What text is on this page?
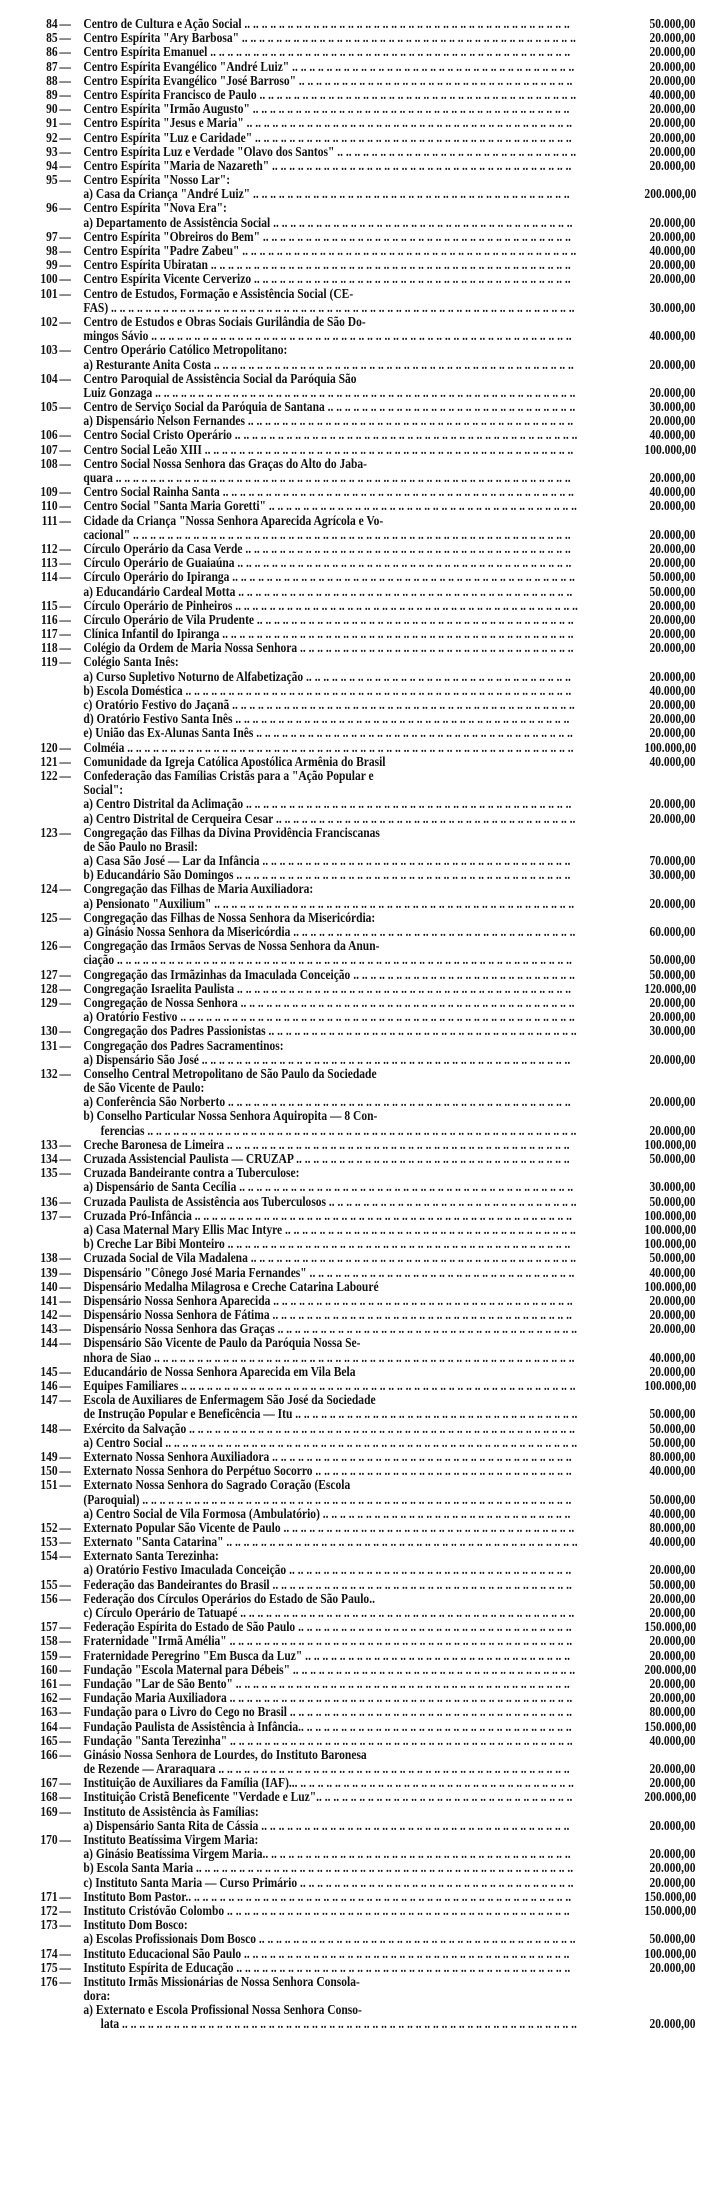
84 — Centro de Cultura e Ação Social .. .. .. .. .. .. .. .. .. .. .. .. .. .. .. .. .. .. .. .. .. .. .. .. .. .. .. .. .. .. .. .. .. .. .. .. .. ..	50.000,00
85 — Centro Espírita "Ary Barbosa" .. .. .. .. .. .. .. .. .. .. .. .. .. .. .. .. .. .. .. .. .. .. .. .. .. .. .. .. .. .. .. .. .. .. .. .. .. .. ..	20.000,00
86 — Centro Espírita Emanuel .. .. .. .. .. .. .. .. .. .. .. .. .. .. .. .. .. .. .. .. .. .. .. .. .. .. .. .. .. .. .. .. .. .. .. .. .. .. .. .. .. ..	20.000,00
87 — Centro Espírita Evangélico "André Luiz" .. .. .. .. .. .. .. .. .. .. .. .. .. .. .. .. .. .. .. .. .. .. .. .. .. .. .. .. .. .. .. .. ..	20.000,00
88 — Centro Espírita Evangélico "José Barroso" .. .. .. .. .. .. .. .. .. .. .. .. .. .. .. .. .. .. .. .. .. .. .. .. .. .. .. .. .. .. .. ..	20.000,00
89 — Centro Espírita Francisco de Paulo .. .. .. .. .. .. .. .. .. .. .. .. .. .. .. .. .. .. .. .. .. .. .. .. .. .. .. .. .. .. .. .. .. .. .. .. ..	40.000,00
90 — Centro Espírita "Irmão Augusto" .. .. .. .. .. .. .. .. .. .. .. .. .. .. .. .. .. .. .. .. .. .. .. .. .. .. .. .. .. .. .. .. .. .. .. .. ..	20.000,00
91 — Centro Espírita "Jesus e Maria" .. .. .. .. .. .. .. .. .. .. .. .. .. .. .. .. .. .. .. .. .. .. .. .. .. .. .. .. .. .. .. .. .. .. .. .. .. ..	20.000,00
92 — Centro Espírita "Luz e Caridade" .. .. .. .. .. .. .. .. .. .. .. .. .. .. .. .. .. .. .. .. .. .. .. .. .. .. .. .. .. .. .. .. .. .. .. .. ..	20.000,00
93 — Centro Espírita Luz e Verdade "Olavo dos Santos" .. .. .. .. .. .. .. .. .. .. .. .. .. .. .. .. .. .. .. .. .. .. .. .. .. .. .. ..	20.000,00
94 — Centro Espírita "Maria de Nazareth" .. .. .. .. .. .. .. .. .. .. .. .. .. .. .. .. .. .. .. .. .. .. .. .. .. .. .. .. .. .. .. .. .. .. ..	20.000,00
95 — Centro Espírita "Nosso Lar":
a) Casa da Criança "André Luiz" .. .. .. .. .. .. .. .. .. .. .. .. .. .. .. .. .. .. .. .. .. .. .. .. .. .. .. .. .. .. .. .. .. .. .. .. ..	200.000,00
96 — Centro Espírita "Nova Era":
a) Departamento de Assistência Social .. .. .. .. .. .. .. .. .. .. .. .. .. .. .. .. .. .. .. .. .. .. .. .. .. .. .. .. .. .. .. .. .. .. ..	20.000,00
97 — Centro Espírita "Obreiros do Bem" .. .. .. .. .. .. .. .. .. .. .. .. .. .. .. .. .. .. .. .. .. .. .. .. .. .. .. .. .. .. .. .. .. .. .. ..	20.000,00
98 — Centro Espírita "Padre Zabeu" .. .. .. .. .. .. .. .. .. .. .. .. .. .. .. .. .. .. .. .. .. .. .. .. .. .. .. .. .. .. .. .. .. .. .. .. .. .. ..	40.000,00
99 — Centro Espírita Ubiratan .. .. .. .. .. .. .. .. .. .. .. .. .. .. .. .. .. .. .. .. .. .. .. .. .. .. .. .. .. .. .. .. .. .. .. .. .. .. .. .. .. ..	20.000,00
100 — Centro Espírita Vicente Cerverizo .. .. .. .. .. .. .. .. .. .. .. .. .. .. .. .. .. .. .. .. .. .. .. .. .. .. .. .. .. .. .. .. .. .. .. .. ..	20.000,00
101 — Centro de Estudos, Formação e Assistência Social (CE-
FAS) .. .. .. .. .. .. .. .. .. .. .. .. .. .. .. .. .. .. .. .. .. .. .. .. .. .. .. .. .. .. .. .. .. .. .. .. .. .. .. .. .. .. .. .. .. .. .. .. .. .. .. .. .. ..	30.000,00
102 — Centro de Estudos e Obras Sociais Gurilândia de São Do-
mingos Sávio .. .. .. .. .. .. .. .. .. .. .. .. .. .. .. .. .. .. .. .. .. .. .. .. .. .. .. .. .. .. .. .. .. .. .. .. .. .. .. .. .. .. .. .. .. .. .. .. ..	40.000,00
103 — Centro Operário Católico Metropolitano:
a) Resturante Anita Costa .. .. .. .. .. .. .. .. .. .. .. .. .. .. .. .. .. .. .. .. .. .. .. .. .. .. .. .. .. .. .. .. .. .. .. .. .. .. .. .. .. ..	20.000,00
104 — Centro Paroquial de Assistência Social da Paróquia São
Luiz Gonzaga .. .. .. .. .. .. .. .. .. .. .. .. .. .. .. .. .. .. .. .. .. .. .. .. .. .. .. .. .. .. .. .. .. .. .. .. .. .. .. .. .. .. .. .. .. .. .. .. ..	20.000,00
105 — Centro de Serviço Social da Paróquia de Santana .. .. .. .. .. .. .. .. .. .. .. .. .. .. .. .. .. .. .. .. .. .. .. .. .. .. .. .. ..	30.000,00
a) Dispensário Nelson Fernandes .. .. .. .. .. .. .. .. .. .. .. .. .. .. .. .. .. .. .. .. .. .. .. .. .. .. .. .. .. .. .. .. .. .. .. .. .. ..	20.000,00
106 — Centro Social Cristo Operário .. .. .. .. .. .. .. .. .. .. .. .. .. .. .. .. .. .. .. .. .. .. .. .. .. .. .. .. .. .. .. .. .. .. .. .. .. .. .. ..	40.000,00
107 — Centro Social Leão XIII .. .. .. .. .. .. .. .. .. .. .. .. .. .. .. .. .. .. .. .. .. .. .. .. .. .. .. .. .. .. .. .. .. .. .. .. .. .. .. .. .. .. ..	100.000,00
108 — Centro Social Nossa Senhora das Graças do Alto do Jaba-
quara .. .. .. .. .. .. .. .. .. .. .. .. .. .. .. .. .. .. .. .. .. .. .. .. .. .. .. .. .. .. .. .. .. .. .. .. .. .. .. .. .. .. .. .. .. .. .. .. .. .. .. .. ..	20.000,00
109 — Centro Social Rainha Santa .. .. .. .. .. .. .. .. .. .. .. .. .. .. .. .. .. .. .. .. .. .. .. .. .. .. .. .. .. .. .. .. .. .. .. .. .. .. .. .. ..	40.000,00
110 — Centro Social "Santa Maria Goretti" .. .. .. .. .. .. .. .. .. .. .. .. .. .. .. .. .. .. .. .. .. .. .. .. .. .. .. .. .. .. .. .. .. .. .. ..	20.000,00
111 — Cidade da Criança "Nossa Senhora Aparecida Agrícola e Vo-
cacional" .. .. .. .. .. .. .. .. .. .. .. .. .. .. .. .. .. .. .. .. .. .. .. .. .. .. .. .. .. .. .. .. .. .. .. .. .. .. .. .. .. .. .. .. .. .. .. .. .. .. ..	20.000,00
112 — Círculo Operário da Casa Verde .. .. .. .. .. .. .. .. .. .. .. .. .. .. .. .. .. .. .. .. .. .. .. .. .. .. .. .. .. .. .. .. .. .. .. .. .. ..	20.000,00
113 — Círculo Operário de Guaiaúna .. .. .. .. .. .. .. .. .. .. .. .. .. .. .. .. .. .. .. .. .. .. .. .. .. .. .. .. .. .. .. .. .. .. .. .. .. .. ..	20.000,00
114 — Círculo Operário do Ipiranga .. .. .. .. .. .. .. .. .. .. .. .. .. .. .. .. .. .. .. .. .. .. .. .. .. .. .. .. .. .. .. .. .. .. .. .. .. .. .. ..	50.000,00
a) Educandário Cardeal Motta .. .. .. .. .. .. .. .. .. .. .. .. .. .. .. .. .. .. .. .. .. .. .. .. .. .. .. .. .. .. .. .. .. .. .. .. .. .. ..	50.000,00
115 — Círculo Operário de Pinheiros .. .. .. .. .. .. .. .. .. .. .. .. .. .. .. .. .. .. .. .. .. .. .. .. .. .. .. .. .. .. .. .. .. .. .. .. .. .. .. ..	20.000,00
116 — Círculo Operário de Vila Prudente .. .. .. .. .. .. .. .. .. .. .. .. .. .. .. .. .. .. .. .. .. .. .. .. .. .. .. .. .. .. .. .. .. .. .. .. ..	20.000,00
117 — Clínica Infantil do Ipiranga .. .. .. .. .. .. .. .. .. .. .. .. .. .. .. .. .. .. .. .. .. .. .. .. .. .. .. .. .. .. .. .. .. .. .. .. .. .. .. .. ..	20.000,00
118 — Colégio da Ordem de Maria Nossa Senhora .. .. .. .. .. .. .. .. .. .. .. .. .. .. .. .. .. .. .. .. .. .. .. .. .. .. .. .. .. .. .. ..	20.000,00
119 — Colégio Santa Inês:
a) Curso Supletivo Noturno de Alfabetização .. .. .. .. .. .. .. .. .. .. .. .. .. .. .. .. .. .. .. .. .. .. .. .. .. .. .. .. .. .. ..	20.000,00
b) Escola Doméstica .. .. .. .. .. .. .. .. .. .. .. .. .. .. .. .. .. .. .. .. .. .. .. .. .. .. .. .. .. .. .. .. .. .. .. .. .. .. .. .. .. .. .. .. ..	40.000,00
c) Oratório Festivo do Jaçanã .. .. .. .. .. .. .. .. .. .. .. .. .. .. .. .. .. .. .. .. .. .. .. .. .. .. .. .. .. .. .. .. .. .. .. .. .. .. .. ..	20.000,00
d) Oratório Festivo Santa Inês .. .. .. .. .. .. .. .. .. .. .. .. .. .. .. .. .. .. .. .. .. .. .. .. .. .. .. .. .. .. .. .. .. .. .. .. .. .. ..	20.000,00
e) União das Ex-Alunas Santa Inês .. .. .. .. .. .. .. .. .. .. .. .. .. .. .. .. .. .. .. .. .. .. .. .. .. .. .. .. .. .. .. .. .. .. .. .. ..	20.000,00
120 — Colméia .. .. .. .. .. .. .. .. .. .. .. .. .. .. .. .. .. .. .. .. .. .. .. .. .. .. .. .. .. .. .. .. .. .. .. .. .. .. .. .. .. .. .. .. .. .. .. .. .. .. .. ..	100.000,00
121 — Comunidade da Igreja Católica Apostólica Armênia do Brasil	40.000,00
122 — Confederação das Famílias Cristãs para a "Ação Popular e
Social":
a) Centro Distrital da Aclimação .. .. .. .. .. .. .. .. .. .. .. .. .. .. .. .. .. .. .. .. .. .. .. .. .. .. .. .. .. .. .. .. .. .. .. .. .. ..	20.000,00
a) Centro Distrital de Cerqueira Cesar .. .. .. .. .. .. .. .. .. .. .. .. .. .. .. .. .. .. .. .. .. .. .. .. .. .. .. .. .. .. .. .. .. .. ..	20.000,00
123 — Congregação das Filhas da Divina Providência Franciscanas
de São Paulo no Brasil:
a) Casa São José — Lar da Infância .. .. .. .. .. .. .. .. .. .. .. .. .. .. .. .. .. .. .. .. .. .. .. .. .. .. .. .. .. .. .. .. .. .. .. ..	70.000,00
b) Educandário São Domingos .. .. .. .. .. .. .. .. .. .. .. .. .. .. .. .. .. .. .. .. .. .. .. .. .. .. .. .. .. .. .. .. .. .. .. .. .. .. ..	30.000,00
124 — Congregação das Filhas de Maria Auxiliadora:
a) Pensionato "Auxilium" .. .. .. .. .. .. .. .. .. .. .. .. .. .. .. .. .. .. .. .. .. .. .. .. .. .. .. .. .. .. .. .. .. .. .. .. .. .. .. .. .. ..	20.000,00
125 — Congregação das Filhas de Nossa Senhora da Misericórdia:
a) Ginásio Nossa Senhora da Misericórdia .. .. .. .. .. .. .. .. .. .. .. .. .. .. .. .. .. .. .. .. .. .. .. .. .. .. .. .. .. .. .. .. ..	60.000,00
126 — Congregação das Irmãos Servas de Nossa Senhora da Anun-
ciação .. .. .. .. .. .. .. .. .. .. .. .. .. .. .. .. .. .. .. .. .. .. .. .. .. .. .. .. .. .. .. .. .. .. .. .. .. .. .. .. .. .. .. .. .. .. .. .. .. .. .. .. ..	50.000,00
127 — Congregação das Irmãzinhas da Imaculada Conceição .. .. .. .. .. .. .. .. .. .. .. .. .. .. .. .. .. .. .. .. .. .. .. .. .. ..	50.000,00
128 — Congregação Israelita Paulista .. .. .. .. .. .. .. .. .. .. .. .. .. .. .. .. .. .. .. .. .. .. .. .. .. .. .. .. .. .. .. .. .. .. .. .. .. .. ..	120.000,00
129 — Congregação de Nossa Senhora .. .. .. .. .. .. .. .. .. .. .. .. .. .. .. .. .. .. .. .. .. .. .. .. .. .. .. .. .. .. .. .. .. .. .. .. .. .. ..	20.000,00
a) Oratório Festivo .. .. .. .. .. .. .. .. .. .. .. .. .. .. .. .. .. .. .. .. .. .. .. .. .. .. .. .. .. .. .. .. .. .. .. .. .. .. .. .. .. .. .. .. .. ..	20.000,00
130 — Congregação dos Padres Passionistas .. .. .. .. .. .. .. .. .. .. .. .. .. .. .. .. .. .. .. .. .. .. .. .. .. .. .. .. .. .. .. .. .. .. .. ..	30.000,00
131 — Congregação dos Padres Sacramentinos:
a) Dispensário São José .. .. .. .. .. .. .. .. .. .. .. .. .. .. .. .. .. .. .. .. .. .. .. .. .. .. .. .. .. .. .. .. .. .. .. .. .. .. .. .. .. .. ..	20.000,00
132 — Conselho Central Metropolitano de São Paulo da Sociedade
de São Vicente de Paulo:
a) Conferência São Norberto .. .. .. .. .. .. .. .. .. .. .. .. .. .. .. .. .. .. .. .. .. .. .. .. .. .. .. .. .. .. .. .. .. .. .. .. .. .. .. ..	20.000,00
b) Conselho Particular Nossa Senhora Aquiropita — 8 Con-
ferencias .. .. .. .. .. .. .. .. .. .. .. .. .. .. .. .. .. .. .. .. .. .. .. .. .. .. .. .. .. .. .. .. .. .. .. .. .. .. .. .. .. .. .. .. .. .. .. .. .. ..	20.000,00
133 — Creche Baronesa de Limeira .. .. .. .. .. .. .. .. .. .. .. .. .. .. .. .. .. .. .. .. .. .. .. .. .. .. .. .. .. .. .. .. .. .. .. .. .. .. .. ..	100.000,00
134 — Cruzada Assistencial Paulista — CRUZAP .. .. .. .. .. .. .. .. .. .. .. .. .. .. .. .. .. .. .. .. .. .. .. .. .. .. .. .. .. .. .. ..	50.000,00
135 — Cruzada Bandeirante contra a Tuberculose:
a) Dispensário de Santa Cecília .. .. .. .. .. .. .. .. .. .. .. .. .. .. .. .. .. .. .. .. .. .. .. .. .. .. .. .. .. .. .. .. .. .. .. .. .. .. ..	30.000,00
136 — Cruzada Paulista de Assistência aos Tuberculosos .. .. .. .. .. .. .. .. .. .. .. .. .. .. .. .. .. .. .. .. .. .. .. .. .. .. .. .. ..	50.000,00
137 — Cruzada Pró-Infância .. .. .. .. .. .. .. .. .. .. .. .. .. .. .. .. .. .. .. .. .. .. .. .. .. .. .. .. .. .. .. .. .. .. .. .. .. .. .. .. .. .. .. ..	100.000,00
a) Casa Maternal Mary Ellis Mac Intyre .. .. .. .. .. .. .. .. .. .. .. .. .. .. .. .. .. .. .. .. .. .. .. .. .. .. .. .. .. .. .. .. .. ..	100.000,00
b) Creche Lar Bibi Monteiro .. .. .. .. .. .. .. .. .. .. .. .. .. .. .. .. .. .. .. .. .. .. .. .. .. .. .. .. .. .. .. .. .. .. .. .. .. .. .. ..	100.000,00
138 — Cruzada Social de Vila Madalena .. .. .. .. .. .. .. .. .. .. .. .. .. .. .. .. .. .. .. .. .. .. .. .. .. .. .. .. .. .. .. .. .. .. .. .. .. ..	50.000,00
139 — Dispensário "Cônego José Maria Fernandes" .. .. .. .. .. .. .. .. .. .. .. .. .. .. .. .. .. .. .. .. .. .. .. .. .. .. .. .. .. .. ..	40.000,00
140 — Dispensário Medalha Milagrosa e Creche Catarina Labouré	100.000,00
141 — Dispensário Nossa Senhora Aparecida .. .. .. .. .. .. .. .. .. .. .. .. .. .. .. .. .. .. .. .. .. .. .. .. .. .. .. .. .. .. .. .. .. .. ..	20.000,00
142 — Dispensário Nossa Senhora de Fátima .. .. .. .. .. .. .. .. .. .. .. .. .. .. .. .. .. .. .. .. .. .. .. .. .. .. .. .. .. .. .. .. .. .. ..	20.000,00
143 — Dispensário Nossa Senhora das Graças .. .. .. .. .. .. .. .. .. .. .. .. .. .. .. .. .. .. .. .. .. .. .. .. .. .. .. .. .. .. .. .. .. .. ..	20.000,00
144 — Dispensário São Vicente de Paulo da Paróquia Nossa Se-
nhora de Siao .. .. .. .. .. .. .. .. .. .. .. .. .. .. .. .. .. .. .. .. .. .. .. .. .. .. .. .. .. .. .. .. .. .. .. .. .. .. .. .. .. .. .. .. .. .. .. .. ..	40.000,00
145 — Educandário de Nossa Senhora Aparecida em Vila Bela	20.000,00
146 — Equipes Familiares .. .. .. .. .. .. .. .. .. .. .. .. .. .. .. .. .. .. .. .. .. .. .. .. .. .. .. .. .. .. .. .. .. .. .. .. .. .. .. .. .. .. .. .. .. ..	100.000,00
147 — Escola de Auxiliares de Enfermagem São José da Sociedade
de Instrução Popular e Beneficência — Itu .. .. .. .. .. .. .. .. .. .. .. .. .. .. .. .. .. .. .. .. .. .. .. .. .. .. .. .. .. .. .. .. ..	50.000,00
148 — Exército da Salvação .. .. .. .. .. .. .. .. .. .. .. .. .. .. .. .. .. .. .. .. .. .. .. .. .. .. .. .. .. .. .. .. .. .. .. .. .. .. .. .. .. .. .. .. ..	50.000,00
a) Centro Social .. .. .. .. .. .. .. .. .. .. .. .. .. .. .. .. .. .. .. .. .. .. .. .. .. .. .. .. .. .. .. .. .. .. .. .. .. .. .. .. .. .. .. .. .. .. .. ..	50.000,00
149 — Externato Nossa Senhora Auxiliadora .. .. .. .. .. .. .. .. .. .. .. .. .. .. .. .. .. .. .. .. .. .. .. .. .. .. .. .. .. .. .. .. .. .. ..	80.000,00
150 — Externato Nossa Senhora do Perpétuo Socorro .. .. .. .. .. .. .. .. .. .. .. .. .. .. .. .. .. .. .. .. .. .. .. .. .. .. .. .. .. ..	40.000,00
151 — Externato Nossa Senhora do Sagrado Coração (Escola
(Paroquial) .. .. .. .. .. .. .. .. .. .. .. .. .. .. .. .. .. .. .. .. .. .. .. .. .. .. .. .. .. .. .. .. .. .. .. .. .. .. .. .. .. .. .. .. .. .. .. .. .. ..	50.000,00
a) Centro Social de Vila Formosa (Ambulatório) .. .. .. .. .. .. .. .. .. .. .. .. .. .. .. .. .. .. .. .. .. .. .. .. .. .. .. .. ..	40.000,00
152 — Externato Popular São Vicente de Paulo .. .. .. .. .. .. .. .. .. .. .. .. .. .. .. .. .. .. .. .. .. .. .. .. .. .. .. .. .. .. .. .. .. ..	80.000,00
153 — Externato "Santa Catarina" .. .. .. .. .. .. .. .. .. .. .. .. .. .. .. .. .. .. .. .. .. .. .. .. .. .. .. .. .. .. .. .. .. .. .. .. .. .. .. .. ..	40.000,00
154 — Externato Santa Terezinha:
a) Oratório Festivo Imaculada Conceição .. .. .. .. .. .. .. .. .. .. .. .. .. .. .. .. .. .. .. .. .. .. .. .. .. .. .. .. .. .. .. .. ..	20.000,00
155 — Federação das Bandeirantes do Brasil .. .. .. .. .. .. .. .. .. .. .. .. .. .. .. .. .. .. .. .. .. .. .. .. .. .. .. .. .. .. .. .. .. .. ..	50.000,00
156 — Federação dos Círculos Operários do Estado de São Paulo..	20.000,00
c) Círculo Operário de Tatuapé .. .. .. .. .. .. .. .. .. .. .. .. .. .. .. .. .. .. .. .. .. .. .. .. .. .. .. .. .. .. .. .. .. .. .. .. .. .. ..	20.000,00
157 — Federação Espírita do Estado de São Paulo .. .. .. .. .. .. .. .. .. .. .. .. .. .. .. .. .. .. .. .. .. .. .. .. .. .. .. .. .. .. .. ..	150.000,00
158 — Fraternidade "Irmã Amélia" .. .. .. .. .. .. .. .. .. .. .. .. .. .. .. .. .. .. .. .. .. .. .. .. .. .. .. .. .. .. .. .. .. .. .. .. .. .. .. ..	20.000,00
159 — Fraternidade Peregrino "Em Busca da Luz" .. .. .. .. .. .. .. .. .. .. .. .. .. .. .. .. .. .. .. .. .. .. .. .. .. .. .. .. .. .. ..	20.000,00
160 — Fundação "Escola Maternal para Débeis" .. .. .. .. .. .. .. .. .. .. .. .. .. .. .. .. .. .. .. .. .. .. .. .. .. .. .. .. .. .. .. .. ..	200.000,00
161 — Fundação "Lar de São Bento" .. .. .. .. .. .. .. .. .. .. .. .. .. .. .. .. .. .. .. .. .. .. .. .. .. .. .. .. .. .. .. .. .. .. .. .. .. .. ..	20.000,00
162 — Fundação Maria Auxiliadora .. .. .. .. .. .. .. .. .. .. .. .. .. .. .. .. .. .. .. .. .. .. .. .. .. .. .. .. .. .. .. .. .. .. .. .. .. .. .. ..	20.000,00
163 — Fundação para o Livro do Cego no Brasil .. .. .. .. .. .. .. .. .. .. .. .. .. .. .. .. .. .. .. .. .. .. .. .. .. .. .. .. .. .. .. .. ..	80.000,00
164 — Fundação Paulista de Assistência à Infância.. .. .. .. .. .. .. .. .. .. .. .. .. .. .. .. .. .. .. .. .. .. .. .. .. .. .. .. .. .. .. ..	150.000,00
165 — Fundação "Santa Terezinha" .. .. .. .. .. .. .. .. .. .. .. .. .. .. .. .. .. .. .. .. .. .. .. .. .. .. .. .. .. .. .. .. .. .. .. .. .. .. .. ..	40.000,00
166 — Ginásio Nossa Senhora de Lourdes, do Instituto Baronesa
de Rezende — Araraquara .. .. .. .. .. .. .. .. .. .. .. .. .. .. .. .. .. .. .. .. .. .. .. .. .. .. .. .. .. .. .. .. .. .. .. .. .. .. .. .. ..	20.000,00
167 — Instituição de Auxiliares da Família (IAF)... .. .. .. .. .. .. .. .. .. .. .. .. .. .. .. .. .. .. .. .. .. .. .. .. .. .. .. .. .. .. .. ..	20.000,00
168 — Instituição Cristã Beneficente "Verdade e Luz".. .. .. .. .. .. .. .. .. .. .. .. .. .. .. .. .. .. .. .. .. .. .. .. .. .. .. .. .. ..	200.000,00
169 — Instituto de Assistência às Famílias:
a) Dispensário Santa Rita de Cássia .. .. .. .. .. .. .. .. .. .. .. .. .. .. .. .. .. .. .. .. .. .. .. .. .. .. .. .. .. .. .. .. .. .. .. ..	20.000,00
170 — Instituto Beatíssima Virgem Maria:
a) Ginásio Beatíssima Virgem Maria.. .. .. .. .. .. .. .. .. .. .. .. .. .. .. .. .. .. .. .. .. .. .. .. .. .. .. .. .. .. .. .. .. .. .. ..	20.000,00
b) Escola Santa Maria .. .. .. .. .. .. .. .. .. .. .. .. .. .. .. .. .. .. .. .. .. .. .. .. .. .. .. .. .. .. .. .. .. .. .. .. .. .. .. .. .. .. .. ..	20.000,00
c) Instituto Santa Maria — Curso Primário .. .. .. .. .. .. .. .. .. .. .. .. .. .. .. .. .. .. .. .. .. .. .. .. .. .. .. .. .. .. .. ..	20.000,00
171 — Instituto Bom Pastor.. .. .. .. .. .. .. .. .. .. .. .. .. .. .. .. .. .. .. .. .. .. .. .. .. .. .. .. .. .. .. .. .. .. .. .. .. .. .. .. .. .. .. .. ..	150.000,00
172 — Instituto Cristóvão Colombo .. .. .. .. .. .. .. .. .. .. .. .. .. .. .. .. .. .. .. .. .. .. .. .. .. .. .. .. .. .. .. .. .. .. .. .. .. .. .. ..	150.000,00
173 — Instituto Dom Bosco:
a) Escolas Profissionais Dom Bosco .. .. .. .. .. .. .. .. .. .. .. .. .. .. .. .. .. .. .. .. .. .. .. .. .. .. .. .. .. .. .. .. .. .. .. .. ..	50.000,00
174 — Instituto Educacional São Paulo .. .. .. .. .. .. .. .. .. .. .. .. .. .. .. .. .. .. .. .. .. .. .. .. .. .. .. .. .. .. .. .. .. .. .. .. .. ..	100.000,00
175 — Instituto Espírita de Educação .. .. .. .. .. .. .. .. .. .. .. .. .. .. .. .. .. .. .. .. .. .. .. .. .. .. .. .. .. .. .. .. .. .. .. .. .. .. ..	20.000,00
176 — Instituto Irmãs Missionárias de Nossa Senhora Consola-
dora:
a) Externato e Escola Profissional Nossa Senhora Conso-
lata .. .. .. .. .. .. .. .. .. .. .. .. .. .. .. .. .. .. .. .. .. .. .. .. .. .. .. .. .. .. .. .. .. .. .. .. .. .. .. .. .. .. .. .. .. .. .. .. .. .. .. .. ..	20.000,00
